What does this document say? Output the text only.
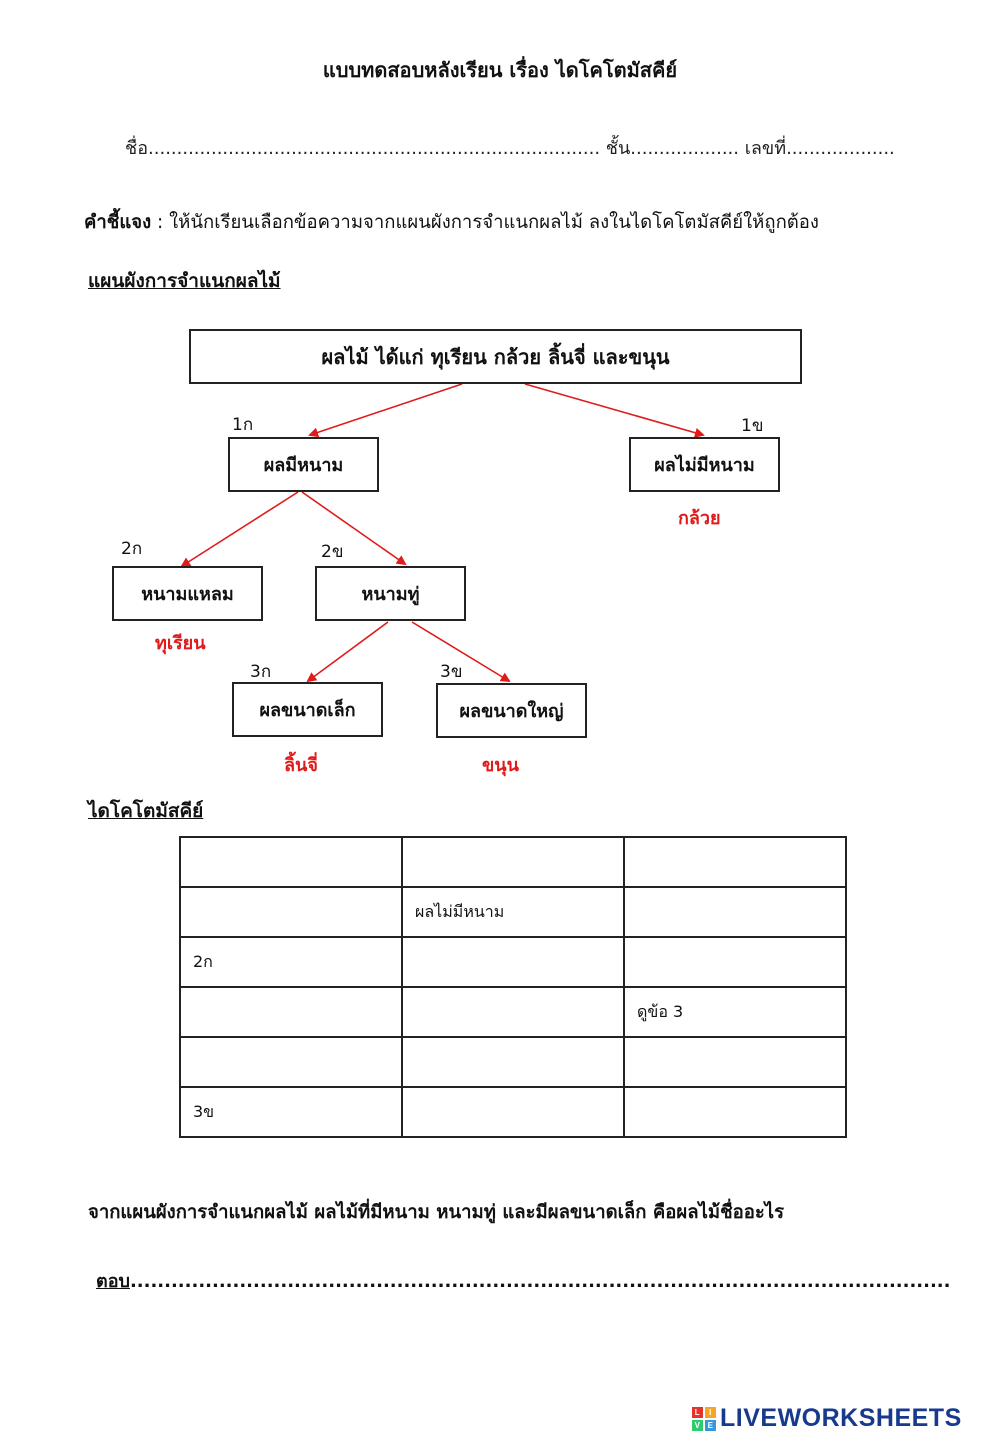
แบบทดสอบหลังเรียน เรื่อง ไดโคโตมัสคีย์
ชื่อ............................................................................... ชั้น................... เลขที่...................
คำชี้แจง : ให้นักเรียนเลือกข้อความจากแผนผังการจำแนกผลไม้ ลงในไดโคโตมัสคีย์ให้ถูกต้อง
แผนผังการจำแนกผลไม้
ผลไม้ ได้แก่ ทุเรียน กล้วย ลิ้นจี่ และขนุน
1ก
ผลมีหนาม
1ข
ผลไม่มีหนาม
กล้วย
2ก
หนามแหลม
ทุเรียน
2ข
หนามทู่
3ก
ผลขนาดเล็ก
ลิ้นจี่
3ข
ผลขนาดใหญ่
ขนุน
ไดโคโตมัสคีย์

	ผลไม่มีหนาม	
2ก		
		ดูข้อ 3

3ข		
จากแผนผังการจำแนกผลไม้ ผลไม้ที่มีหนาม หนามทู่ และมีผลขนาดเล็ก คือผลไม้ชื่ออะไร
ตอบ........................................................................................................................
L	I
V E LIVEWORKSHEETS
